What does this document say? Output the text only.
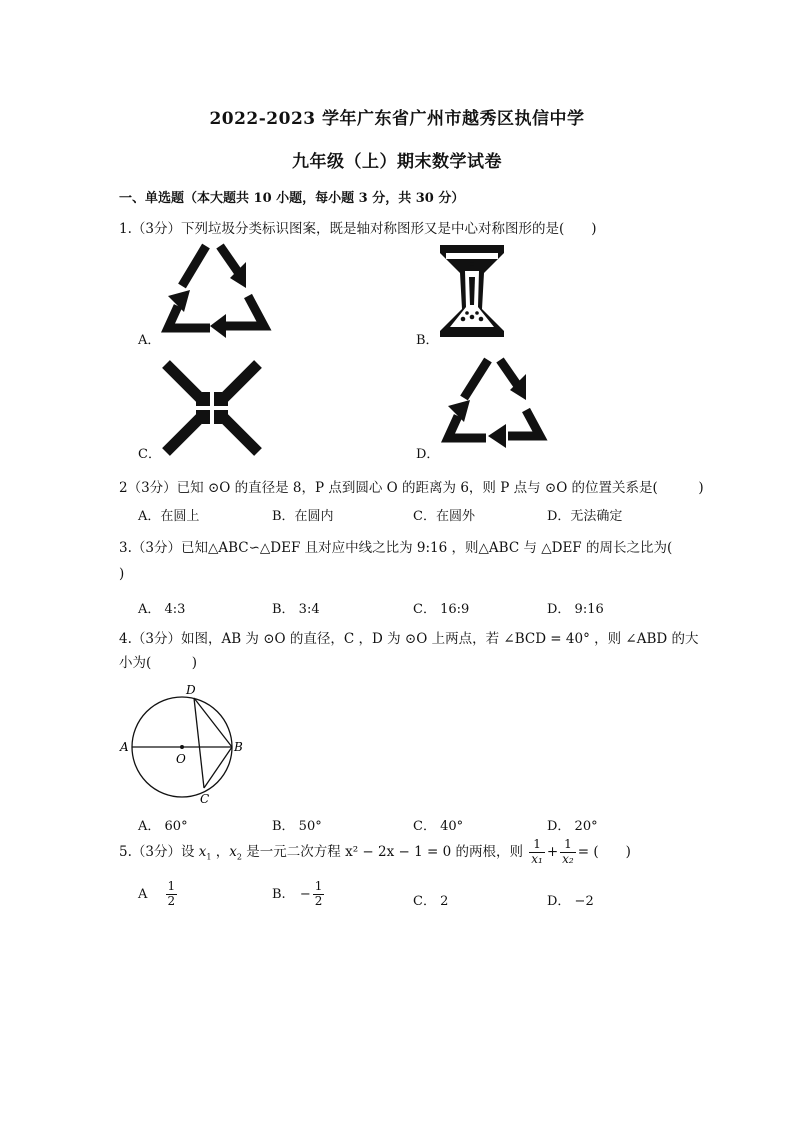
2022-2023 学年广东省广州市越秀区执信中学
九年级（上）期末数学试卷
一、单选题（本大题共 10 小题，每小题 3 分，共 30 分）
1.（3分）下列垃圾分类标识图案，既是轴对称图形又是中心对称图形的是(　　)
A．	B．
C．	D．
2（3分）已知 ⊙O 的直径是 8，P 点到圆心 O 的距离为 6，则 P 点与 ⊙O 的位置关系是(　　　)
A．在圆上	B．在圆内	C．在圆外	D．无法确定
3.（3分）已知△ABC∽△DEF 且对应中线之比为 9:16 ，则△ABC 与 △DEF 的周长之比为(
)
A． 4:3	B． 3:4	C． 16:9	D． 9:16
4.（3分）如图，AB 为 ⊙O 的直径，C ，D 为 ⊙O 上两点，若 ∠BCD = 40° ，则 ∠ABD 的大
小为(　　　)
A	B
D
C
O
A． 60°	B． 50°	C． 40°	D． 20°
5.（3分）设 $x_1$ ，$x_2$ 是一元二次方程 x² − 2x − 1 = 0 的两根，则 $\frac{1}{\text{x₁}} + \frac{1}{\text{x₂}}$ = (　　)
A $\frac{1}{2}$	B. − $\frac{1}{2}$	C． 2	D． −2
